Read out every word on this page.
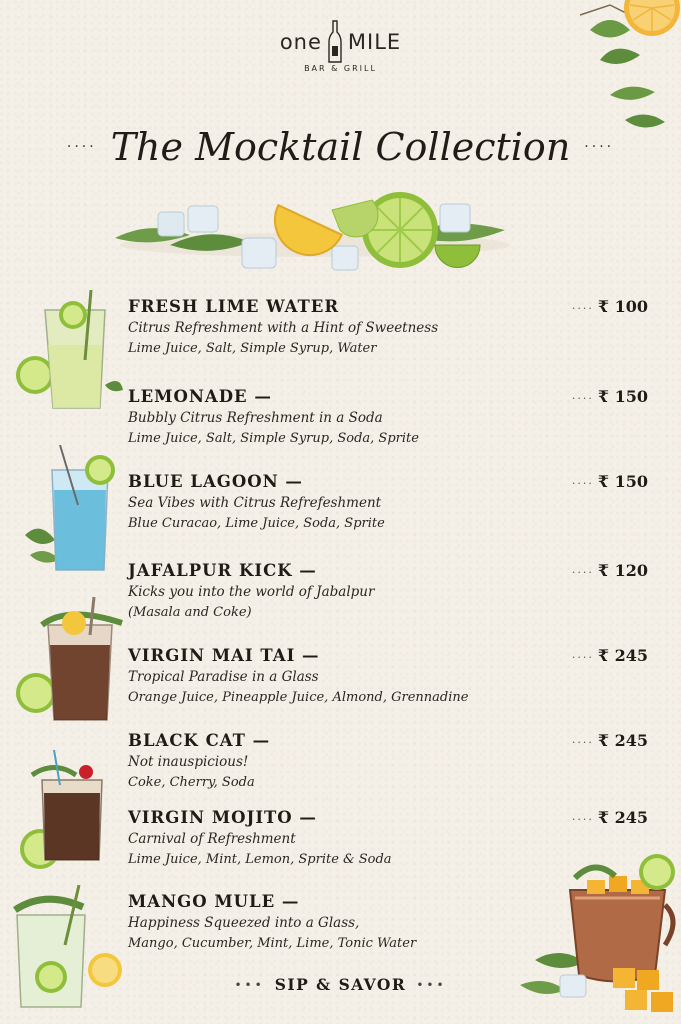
one MILE
BAR & GRILL
···· The Mocktail Collection ····
FRESH LIME WATER
Citrus Refreshment with a Hint of Sweetness
Lime Juice, Salt, Simple Syrup, Water
···· ₹ 100
LEMONADE —
Bubbly Citrus Refreshment in a Soda
Lime Juice, Salt, Simple Syrup, Soda, Sprite
···· ₹ 150
BLUE LAGOON —
Sea Vibes with Citrus Refrefeshment
Blue Curacao, Lime Juice, Soda, Sprite
···· ₹ 150
JAFALPUR KICK —
Kicks you into the world of Jabalpur
(Masala and Coke)
···· ₹ 120
VIRGIN MAI TAI —
Tropical Paradise in a Glass
Orange Juice, Pineapple Juice, Almond, Grennadine
···· ₹ 245
BLACK CAT —
Not inauspicious!
Coke, Cherry, Soda
···· ₹ 245
VIRGIN MOJITO —
Carnival of Refreshment
Lime Juice, Mint, Lemon, Sprite & Soda
···· ₹ 245
MANGO MULE —
Happiness Squeezed into a Glass,
Mango, Cucumber, Mint, Lime, Tonic Water
••• SIP & SAVOR •••
